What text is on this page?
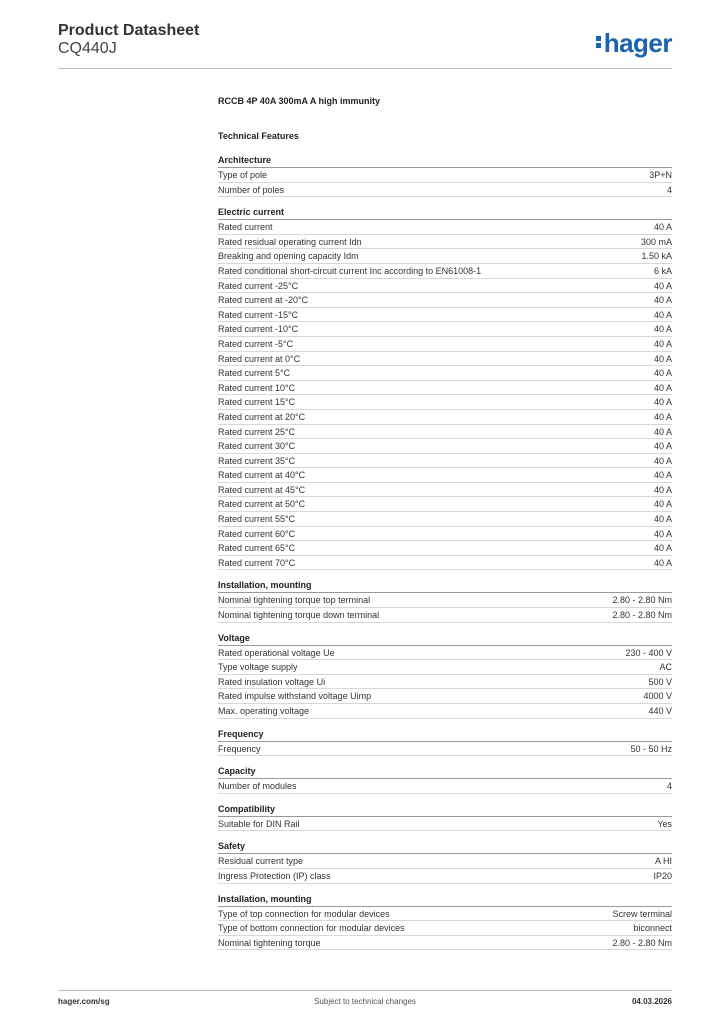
Product Datasheet
CQ440J	hager
RCCB 4P 40A 300mA A high immunity
Technical Features
Architecture
Type of pole	3P+N
Number of poles	4
Electric current
Rated current	40 A
Rated residual operating current Idn	300 mA
Breaking and opening capacity Idm	1.50 kA
Rated conditional short-circuit current Inc according to EN61008-1	6 kA
Rated current -25°C	40 A
Rated current at -20°C	40 A
Rated current -15°C	40 A
Rated current -10°C	40 A
Rated current -5°C	40 A
Rated current at 0°C	40 A
Rated current 5°C	40 A
Rated current 10°C	40 A
Rated current 15°C	40 A
Rated current at 20°C	40 A
Rated current 25°C	40 A
Rated current 30°C	40 A
Rated current 35°C	40 A
Rated current at 40°C	40 A
Rated current at 45°C	40 A
Rated current at 50°C	40 A
Rated current 55°C	40 A
Rated current 60°C	40 A
Rated current 65°C	40 A
Rated current 70°C	40 A
Installation, mounting
Nominal tightening torque top terminal	2.80 - 2.80 Nm
Nominal tightening torque down terminal	2.80 - 2.80 Nm
Voltage
Rated operational voltage Ue	230 - 400 V
Type voltage supply	AC
Rated insulation voltage Ui	500 V
Rated impulse withstand voltage Uimp	4000 V
Max. operating voltage	440 V
Frequency
Frequency	50 - 50 Hz
Capacity
Number of modules	4
Compatibility
Suitable for DIN Rail	Yes
Safety
Residual current type	A HI
Ingress Protection (IP) class	IP20
Installation, mounting
Type of top connection for modular devices	Screw terminal
Type of bottom connection for modular devices	biconnect
Nominal tightening torque	2.80 - 2.80 Nm
hager.com/sg	Subject to technical changes	04.03.2026
